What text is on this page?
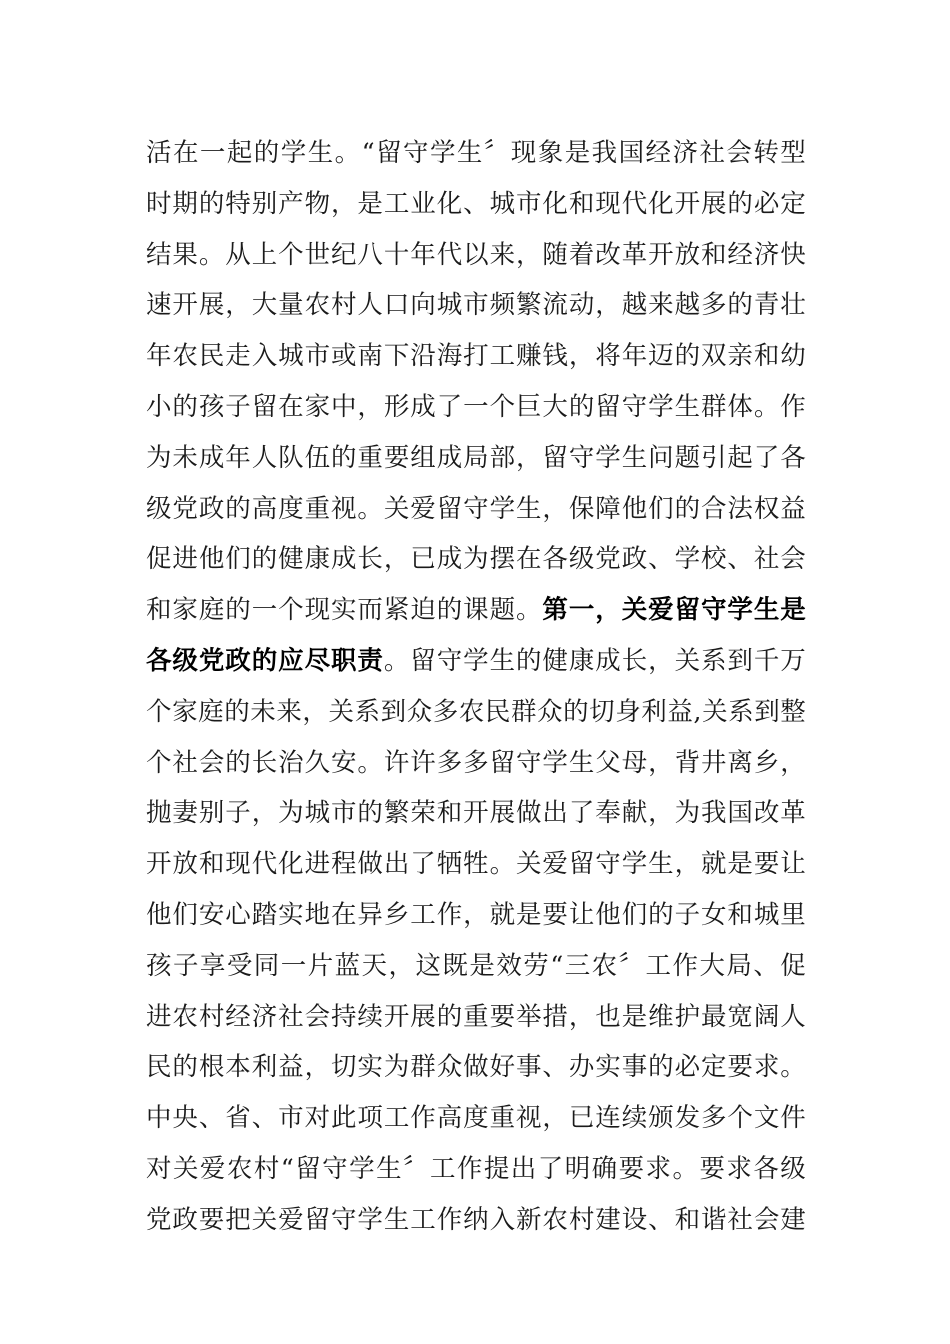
活在一起的学生。“留守学生〞现象是我国经济社会转型
时期的特别产物，是工业化、城市化和现代化开展的必定
结果。从上个世纪八十年代以来，随着改革开放和经济快
速开展，大量农村人口向城市频繁流动，越来越多的青壮
年农民走入城市或南下沿海打工赚钱，将年迈的双亲和幼
小的孩子留在家中，形成了一个巨大的留守学生群体。作
为未成年人队伍的重要组成局部，留守学生问题引起了各
级党政的高度重视。关爱留守学生，保障他们的合法权益
促进他们的健康成长，已成为摆在各级党政、学校、社会
和家庭的一个现实而紧迫的课题。第一，关爱留守学生是
各级党政的应尽职责。留守学生的健康成长，关系到千万
个家庭的未来，关系到众多农民群众的切身利益,关系到整
个社会的长治久安。许许多多留守学生父母，背井离乡，
抛妻别子，为城市的繁荣和开展做出了奉献，为我国改革
开放和现代化进程做出了牺牲。关爱留守学生，就是要让
他们安心踏实地在异乡工作，就是要让他们的子女和城里
孩子享受同一片蓝天，这既是效劳“三农〞工作大局、促
进农村经济社会持续开展的重要举措，也是维护最宽阔人
民的根本利益，切实为群众做好事、办实事的必定要求。
中央、省、市对此项工作高度重视，已连续颁发多个文件
对关爱农村“留守学生〞工作提出了明确要求。要求各级
党政要把关爱留守学生工作纳入新农村建设、和谐社会建
